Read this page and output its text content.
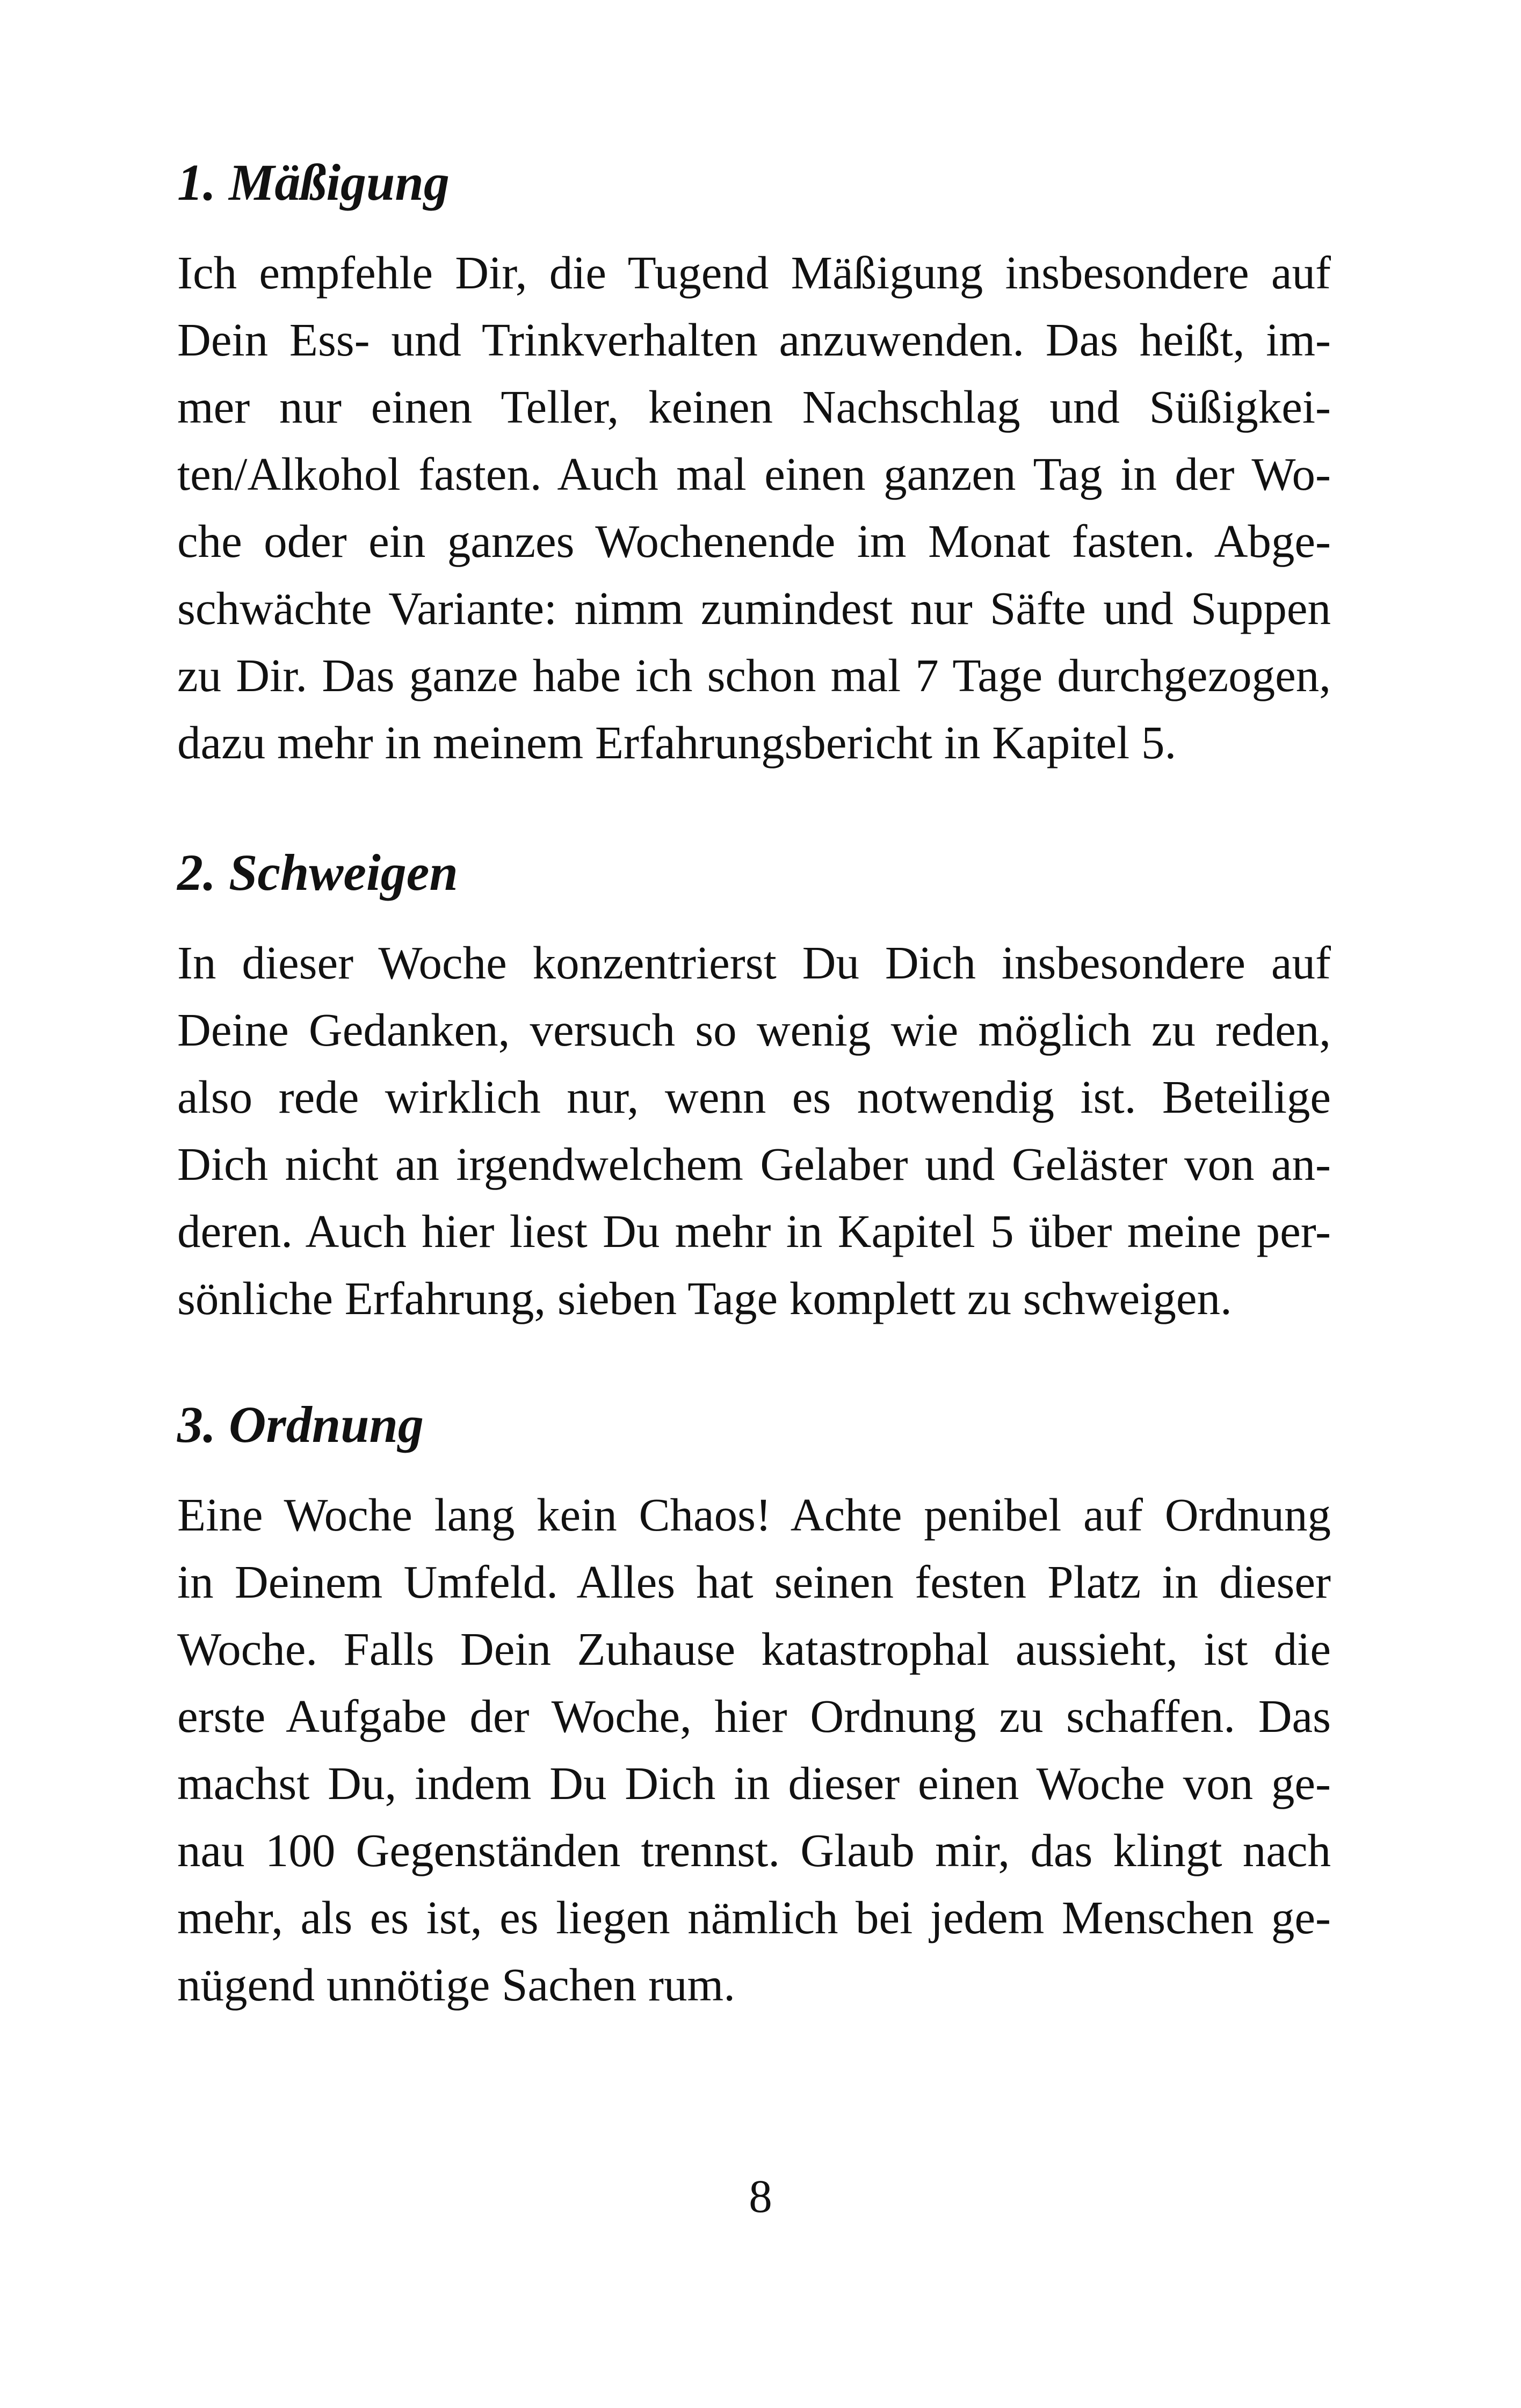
1. Mäßigung
Ich empfehle Dir, die Tugend Mäßigung insbesondere auf
Dein Ess- und Trinkverhalten anzuwenden. Das heißt, im-
mer nur einen Teller, keinen Nachschlag und Süßigkei-
ten/Alkohol fasten. Auch mal einen ganzen Tag in der Wo-
che oder ein ganzes Wochenende im Monat fasten. Abge-
schwächte Variante: nimm zumindest nur Säfte und Suppen
zu Dir. Das ganze habe ich schon mal 7 Tage durchgezogen,
dazu mehr in meinem Erfahrungsbericht in Kapitel 5.
2. Schweigen
In dieser Woche konzentrierst Du Dich insbesondere auf
Deine Gedanken, versuch so wenig wie möglich zu reden,
also rede wirklich nur, wenn es notwendig ist. Beteilige
Dich nicht an irgendwelchem Gelaber und Geläster von an-
deren. Auch hier liest Du mehr in Kapitel 5 über meine per-
sönliche Erfahrung, sieben Tage komplett zu schweigen.
3. Ordnung
Eine Woche lang kein Chaos! Achte penibel auf Ordnung
in Deinem Umfeld. Alles hat seinen festen Platz in dieser
Woche. Falls Dein Zuhause katastrophal aussieht, ist die
erste Aufgabe der Woche, hier Ordnung zu schaffen. Das
machst Du, indem Du Dich in dieser einen Woche von ge-
nau 100 Gegenständen trennst. Glaub mir, das klingt nach
mehr, als es ist, es liegen nämlich bei jedem Menschen ge-
nügend unnötige Sachen rum.
8
